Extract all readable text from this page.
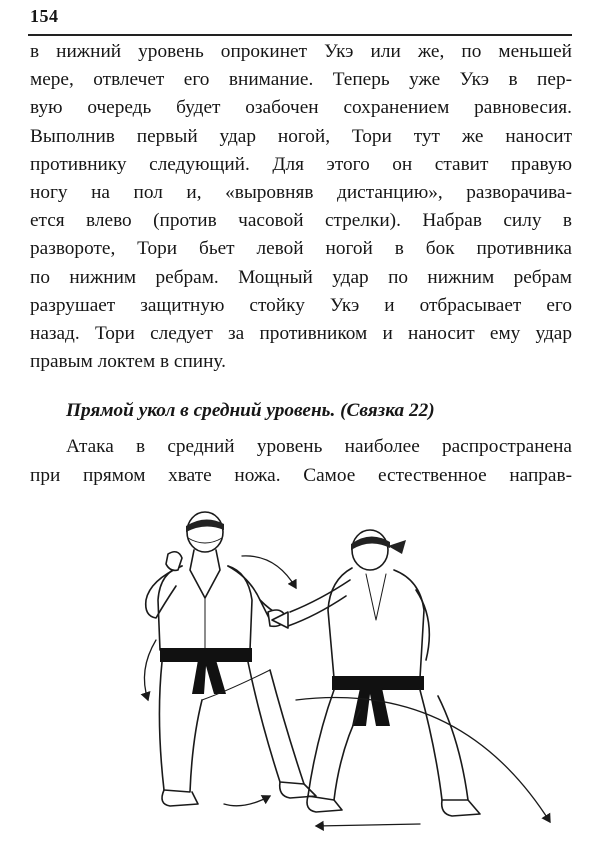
154
в нижний уровень опрокинет Укэ или же, по меньшей
мере, отвлечет его внимание. Теперь уже Укэ в пер-
вую очередь будет озабочен сохранением равновесия.
Выполнив первый удар ногой, Тори тут же наносит
противнику следующий. Для этого он ставит правую
ногу на пол и, «выровняв дистанцию», разворачива-
ется влево (против часовой стрелки). Набрав силу в
развороте, Тори бьет левой ногой в бок противника
по нижним ребрам. Мощный удар по нижним ребрам
разрушает защитную стойку Укэ и отбрасывает его
назад. Тори следует за противником и наносит ему удар
правым локтем в спину.
Прямой укол в средний уровень. (Связка 22)
Атака в средний уровень наиболее распространена
при прямом хвате ножа. Самое естественное направ-
